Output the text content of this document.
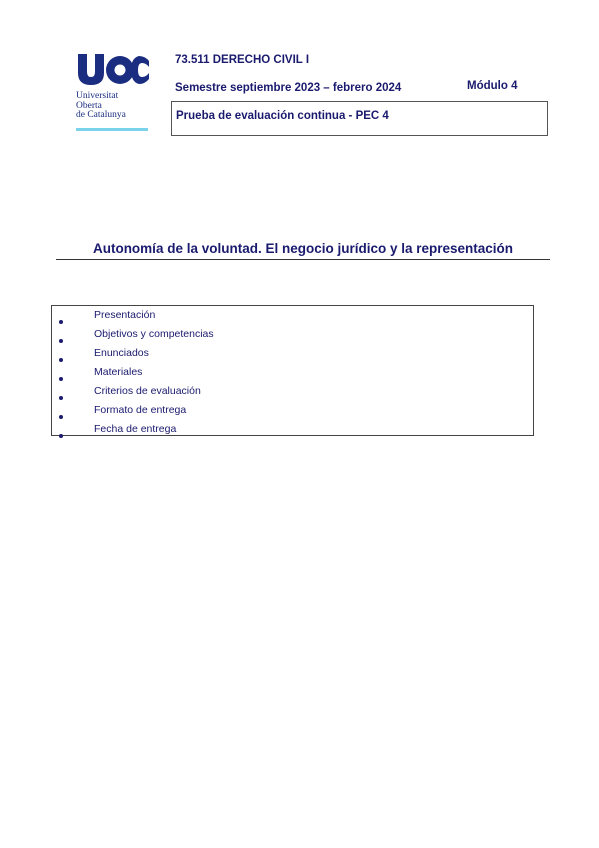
Universitat
Oberta
de Catalunya
73.511 DERECHO CIVIL I
Semestre septiembre 2023 – febrero 2024	Módulo 4
Prueba de evaluación continua - PEC 4
Autonomía de la voluntad. El negocio jurídico y la representación
Presentación
Objetivos y competencias
Enunciados
Materiales
Criterios de evaluación
Formato de entrega
Fecha de entrega
